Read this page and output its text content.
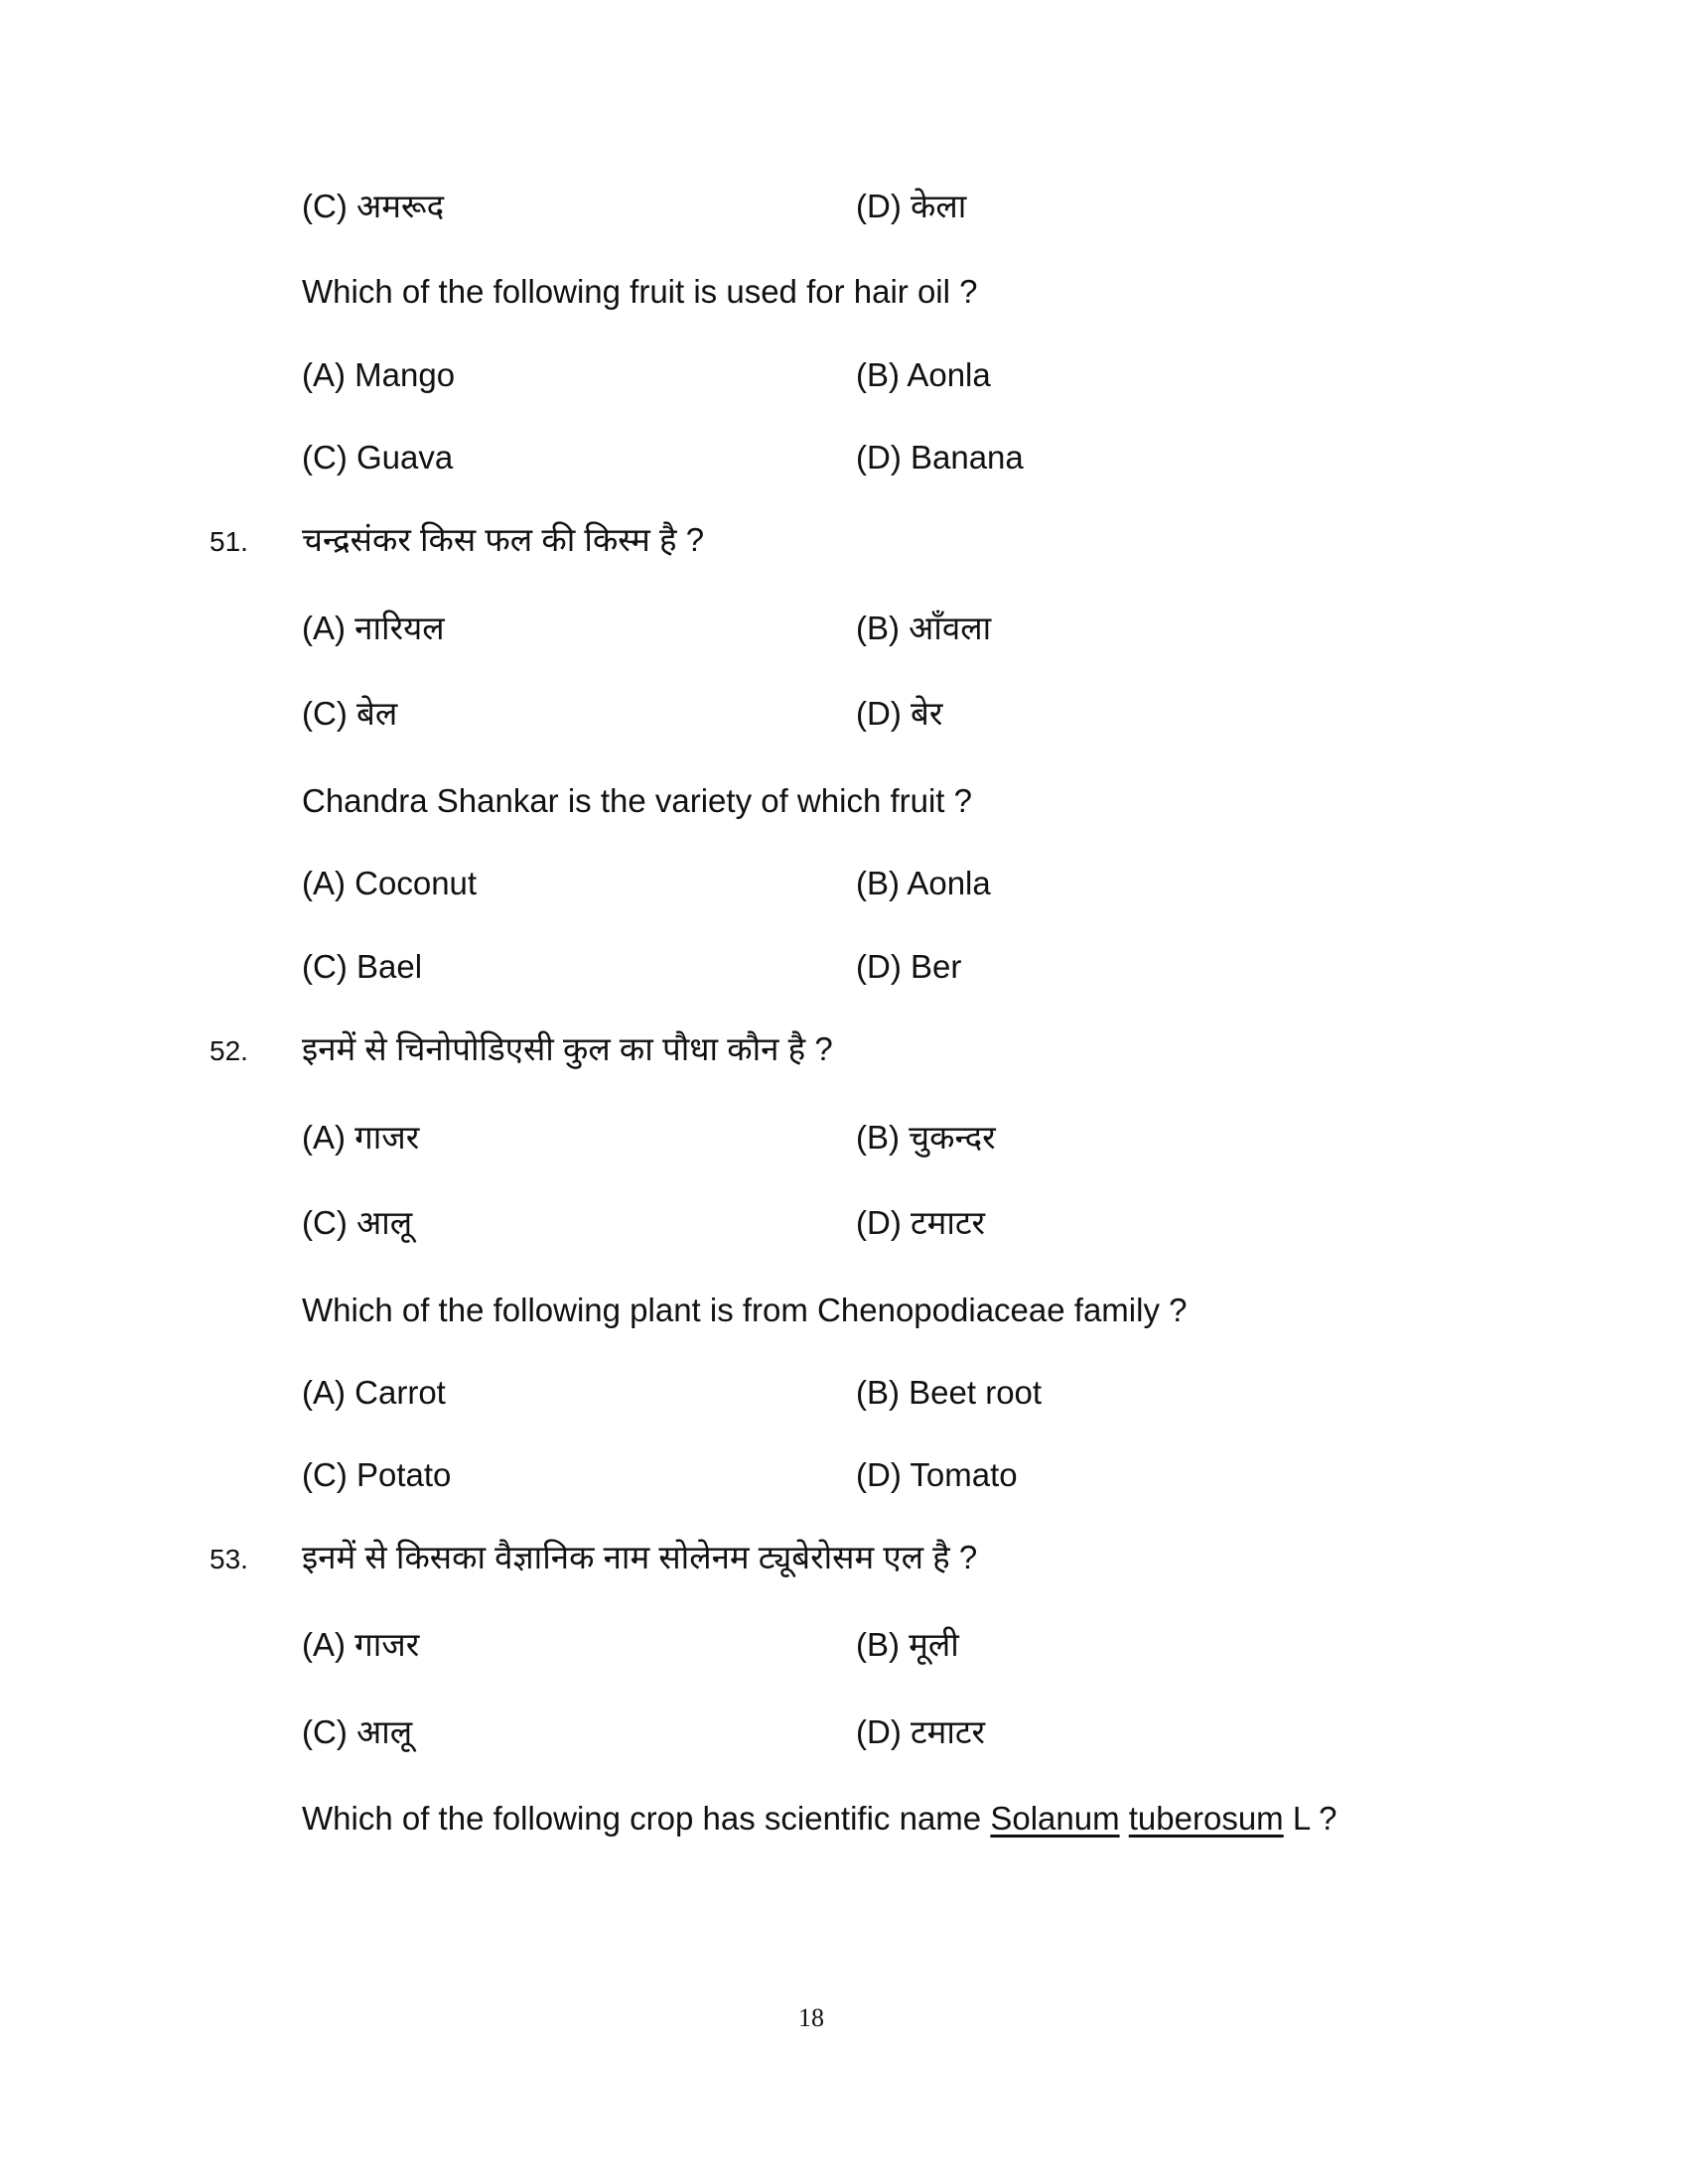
18
(C) अमरूद	(D) केला
Which of the following fruit is used for hair oil ?
(A) Mango	(B) Aonla
(C) Guava	(D) Banana
51. चन्द्रसंकर किस फल की किस्म है ?
(A) नारियल	(B) आँवला
(C) बेल	(D) बेर
Chandra Shankar is the variety of which fruit ?
(A) Coconut	(B) Aonla
(C) Bael	(D) Ber
52. इनमें से चिनोपोडिएसी कुल का पौधा कौन है ?
(A) गाजर	(B) चुकन्दर
(C) आलू	(D) टमाटर
Which of the following plant is from Chenopodiaceae family ?
(A) Carrot	(B) Beet root
(C) Potato	(D) Tomato
53. इनमें से किसका वैज्ञानिक नाम सोलेनम ट्यूबेरोसम एल है ?
(A) गाजर	(B) मूली
(C) आलू	(D) टमाटर
Which of the following crop has scientific name Solanum tuberosum L ?
